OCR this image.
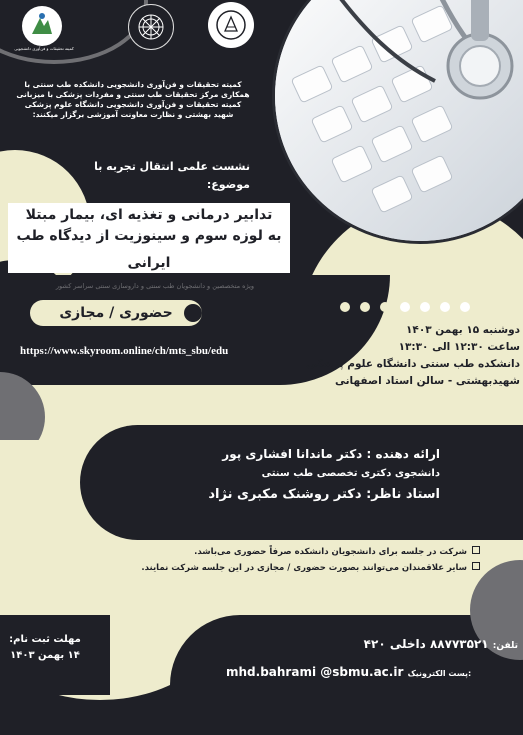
کمیته تحقیقات و فن‌آوری دانشجویی
کمیته تحقیقات و فن‌آوری دانشجویی دانشکده طب سنتی با
همکاری مرکز تحقیقات طب سنتی و مفردات پزشکی با میزبانی
کمیته تحقیقات و فن‌آوری دانشجویی دانشگاه علوم پزشکی
شهید بهشتی و نظارت معاونت آموزشی برگزار میکنند:
نشست علمی انتقال تجربه با
موضوع:
تدابیر درمانی و تغذیه ای، بیمار مبتلا
به لوزه سوم و سینوزیت از دیدگاه طب
ایرانی
ویژه متخصصین و دانشجویان طب سنتی و داروسازی سنتی سراسر کشور
حضوری / مجازی
https://www.skyroom.online/ch/mts_sbu/edu
دوشنبه ۱۵ بهمن ۱۴۰۳
ساعت ۱۲:۳۰ الی ۱۳:۳۰
دانشکده طب سنتی دانشگاه علوم پزشکی
شهیدبهشتی - سالن استاد اصفهانی
ارائه دهنده : دکتر ماندانا افشاری پور
دانشجوی دکتری تخصصی طب سنتی
استاد ناظر: دکتر روشنک مکبری نژاد
شرکت در جلسه برای دانشجویان دانشکده صرفاً حضوری می‌باشد.
سایر علاقمندان می‌توانند بصورت حضوری / مجازی در این جلسه شرکت نمایند.
مهلت ثبت نام:
۱۴ بهمن ۱۴۰۳
تلفن: ۸۸۷۷۳۵۲۱ داخلی ۴۲۰
mhd.bahrami @sbmu.ac.ir پست الکترونیک:
